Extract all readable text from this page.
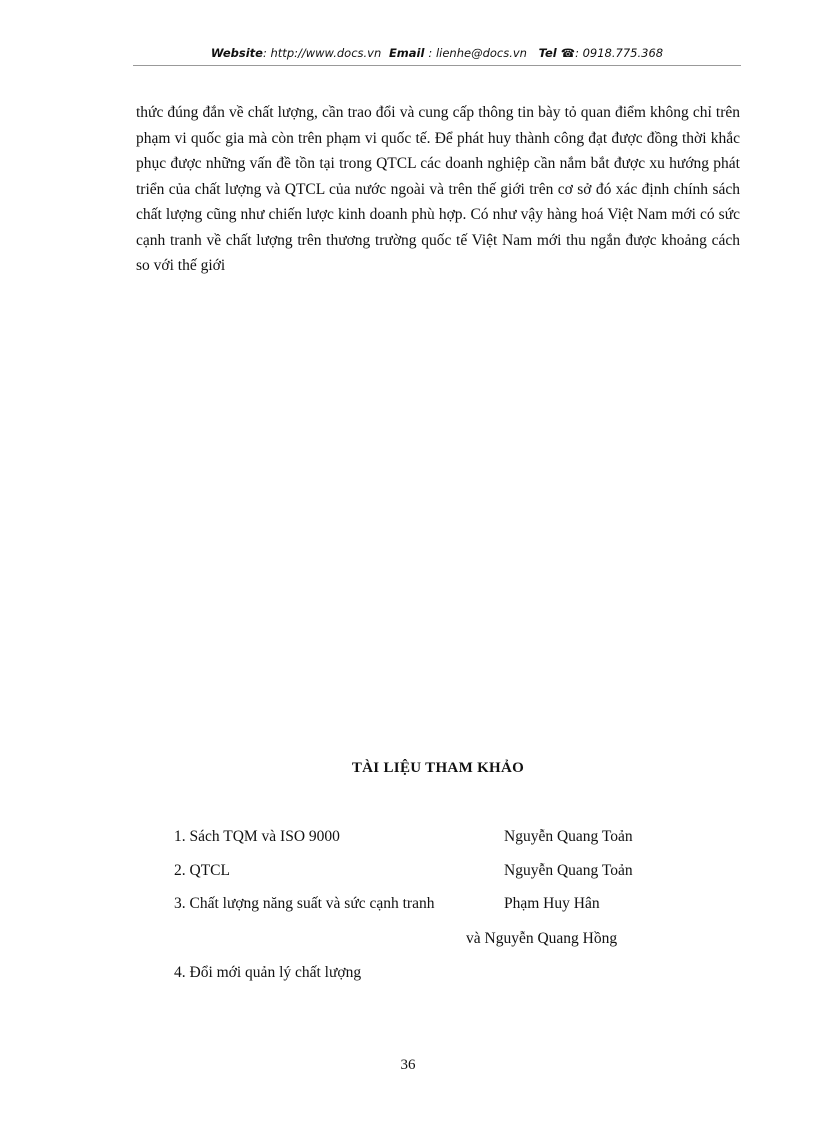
Website: http://www.docs.vn Email : lienhe@docs.vn Tel ☎: 0918.775.368

thức đúng đắn về chất lượng, cần trao đổi và cung cấp thông tin bày tỏ quan điểm không chỉ trên phạm vi quốc gia mà còn trên phạm vi quốc tế. Để phát huy thành công đạt được đồng thời khắc phục được những vấn đề tồn tại trong QTCL các doanh nghiệp cần nắm bắt được xu hướng phát triển của chất lượng và QTCL của nước ngoài và trên thế giới trên cơ sở đó xác định chính sách chất lượng cũng như chiến lược kinh doanh phù hợp. Có như vậy hàng hoá Việt Nam mới có sức cạnh tranh về chất lượng trên thương trường quốc tế Việt Nam mới thu ngắn được khoảng cách so với thế giới

TÀI LIỆU THAM KHẢO
1. Sách TQM và ISO 9000	Nguyễn Quang Toản
2. QTCL	Nguyễn Quang Toản
3. Chất lượng năng suất và sức cạnh tranh	Phạm Huy Hân
và Nguyễn Quang Hồng
4. Đổi mới quản lý chất lượng
36
